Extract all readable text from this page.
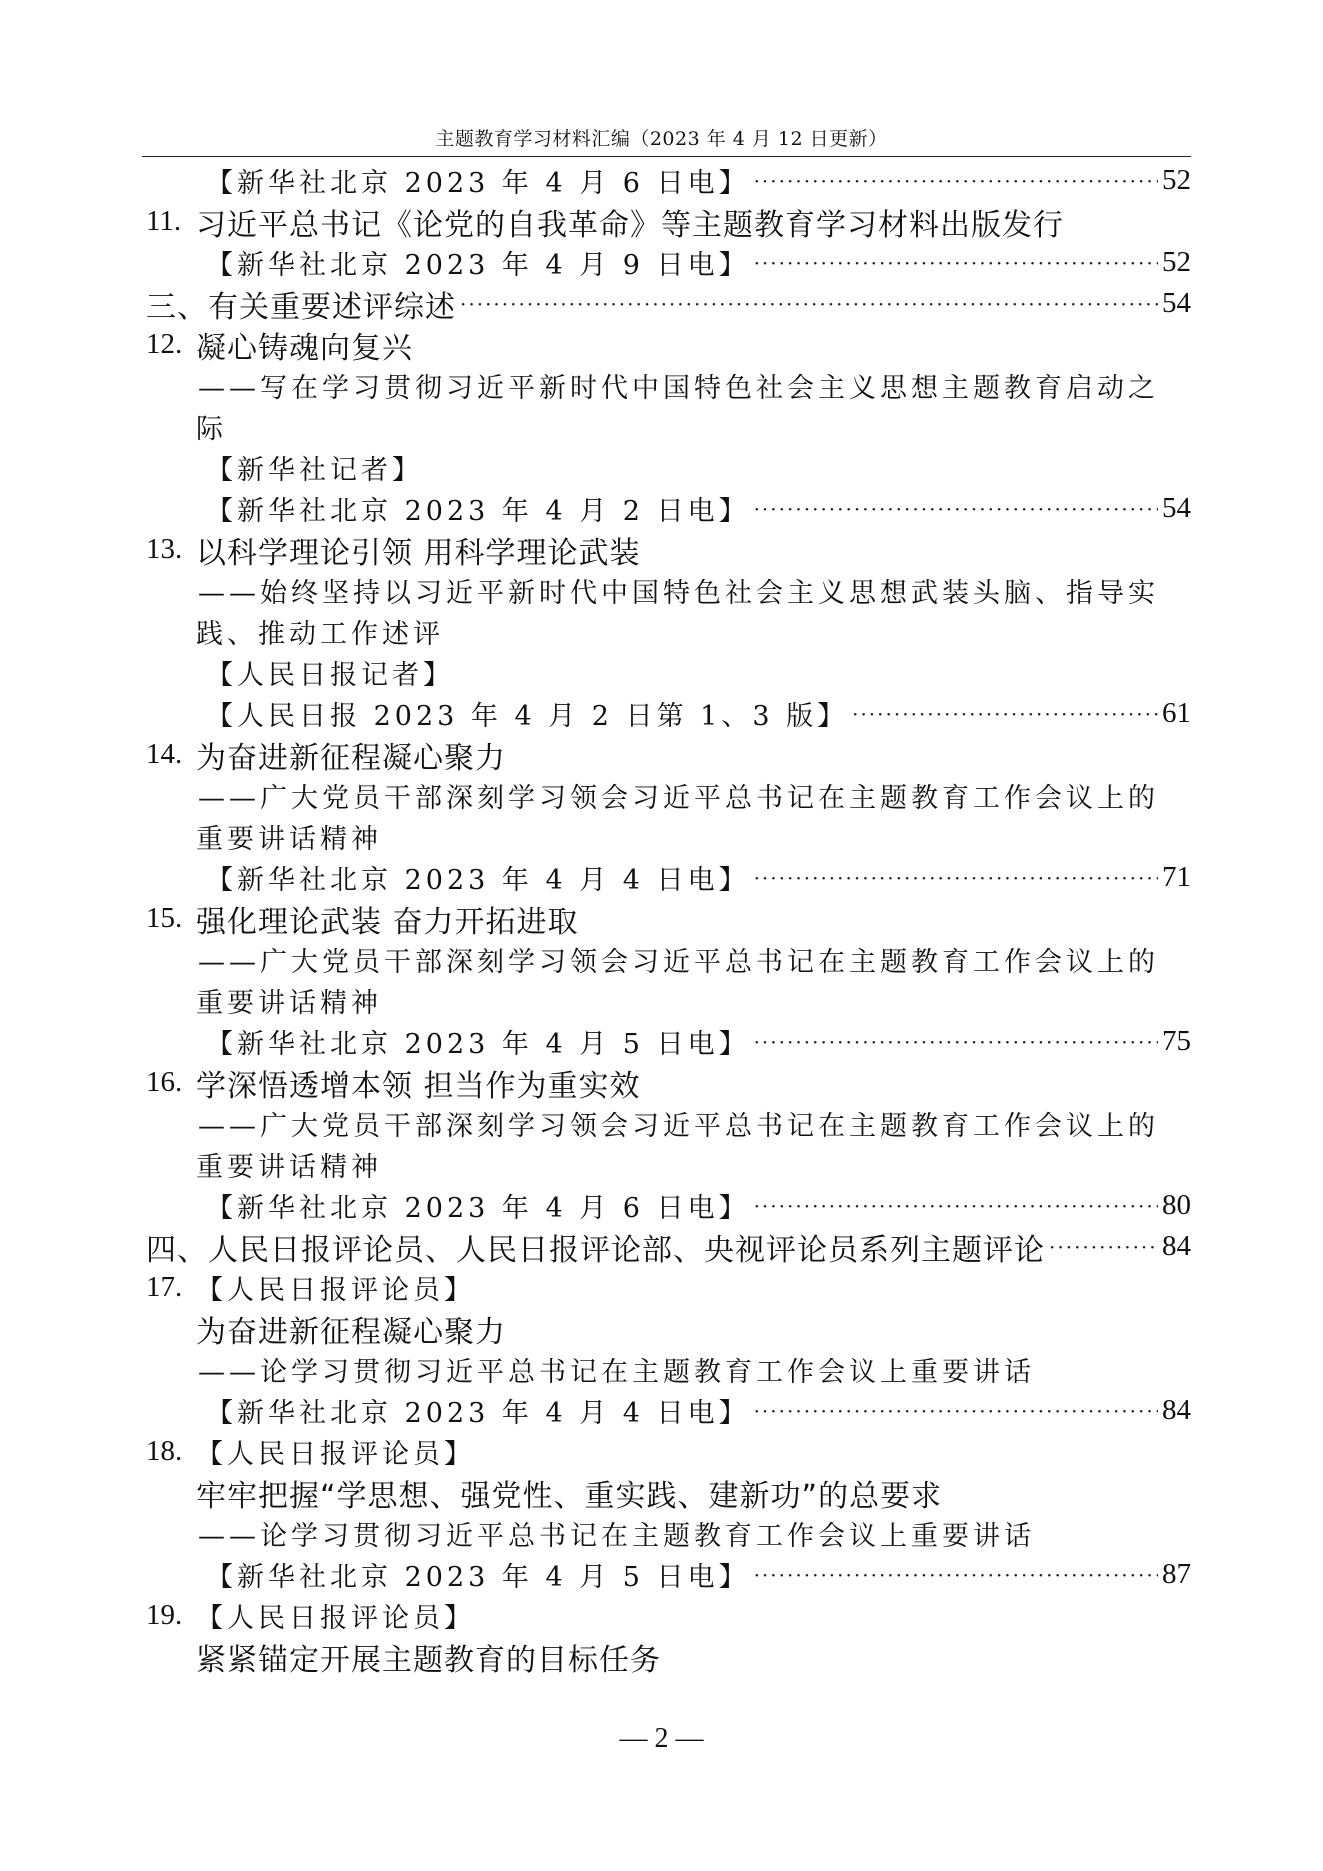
主题教育学习材料汇编（2023 年 4 月 12 日更新）
【新华社北京 2023 年 4 月 6 日电】 ·····	52
11. 习近平总书记《论党的自我革命》等主题教育学习材料出版发行
【新华社北京 2023 年 4 月 9 日电】 ·····	52
三、有关重要述评综述 ·····	54
12. 凝心铸魂向复兴
——写在学习贯彻习近平新时代中国特色社会主义思想主题教育启动之
际
【新华社记者】
【新华社北京 2023 年 4 月 2 日电】 ·····	54
13. 以科学理论引领 用科学理论武装
——始终坚持以习近平新时代中国特色社会主义思想武装头脑、指导实
践、推动工作述评
【人民日报记者】
【人民日报 2023 年 4 月 2 日第 1、3 版】 ·····	61
14. 为奋进新征程凝心聚力
——广大党员干部深刻学习领会习近平总书记在主题教育工作会议上的
重要讲话精神
【新华社北京 2023 年 4 月 4 日电】 ·····	71
15. 强化理论武装 奋力开拓进取
——广大党员干部深刻学习领会习近平总书记在主题教育工作会议上的
重要讲话精神
【新华社北京 2023 年 4 月 5 日电】 ·····	75
16. 学深悟透增本领 担当作为重实效
——广大党员干部深刻学习领会习近平总书记在主题教育工作会议上的
重要讲话精神
【新华社北京 2023 年 4 月 6 日电】 ·····	80
四、人民日报评论员、人民日报评论部、央视评论员系列主题评论 ·····	84
17. 【人民日报评论员】
为奋进新征程凝心聚力
——论学习贯彻习近平总书记在主题教育工作会议上重要讲话
【新华社北京 2023 年 4 月 4 日电】 ·····	84
18. 【人民日报评论员】
牢牢把握“学思想、强党性、重实践、建新功”的总要求
——论学习贯彻习近平总书记在主题教育工作会议上重要讲话
【新华社北京 2023 年 4 月 5 日电】 ·····	87
19. 【人民日报评论员】
紧紧锚定开展主题教育的目标任务
— 2 —
